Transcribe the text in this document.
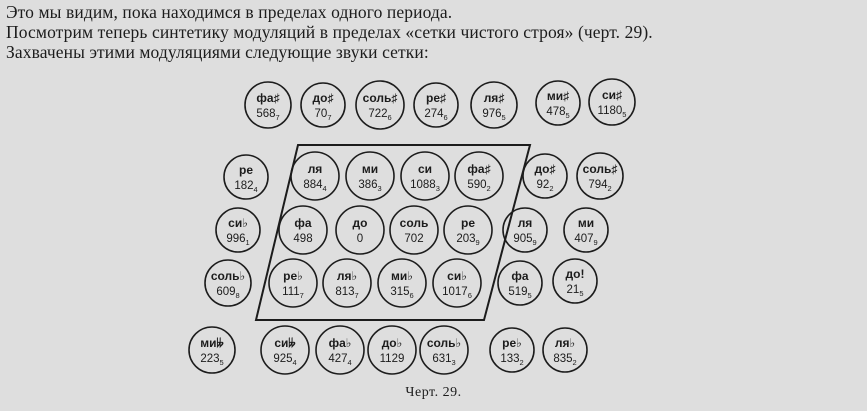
Это мы видим, пока находимся в пределах одного периода.
Посмотрим теперь синтетику модуляций в пределах «сетки чистого строя» (черт. 29).
Захвачены этими модуляциями следующие звуки сетки:
фа♯
$568_7$
до♯
$70_7$
соль♯
$722_6$
ре♯
$274_6$
ля♯
$976_5$
ми♯
$478_5$
си♯
$1180_5$
ре
$182_4$
ля
$884_4$
ми
$386_3$
си
$1088_3$
фа♯
$590_2$
до♯
$92_2$
соль♯
$794_2$
си♭
$996_1$
фа
498
до
0
соль
702
ре
$203_9$
ля
$905_9$
ми
$407_9$
соль♭
$609_8$
ре♭
$111_7$
ля♭
$813_7$
ми♭
$315_6$
си♭
$1017_6$
фа
$519_5$
до!
$21_5$
ми𝄫
$223_5$
си𝄫
$925_4$
фа♭
$427_4$
до♭
1129
соль♭
$631_3$
ре♭
$133_2$
ля♭
$835_2$
Черт. 29.
